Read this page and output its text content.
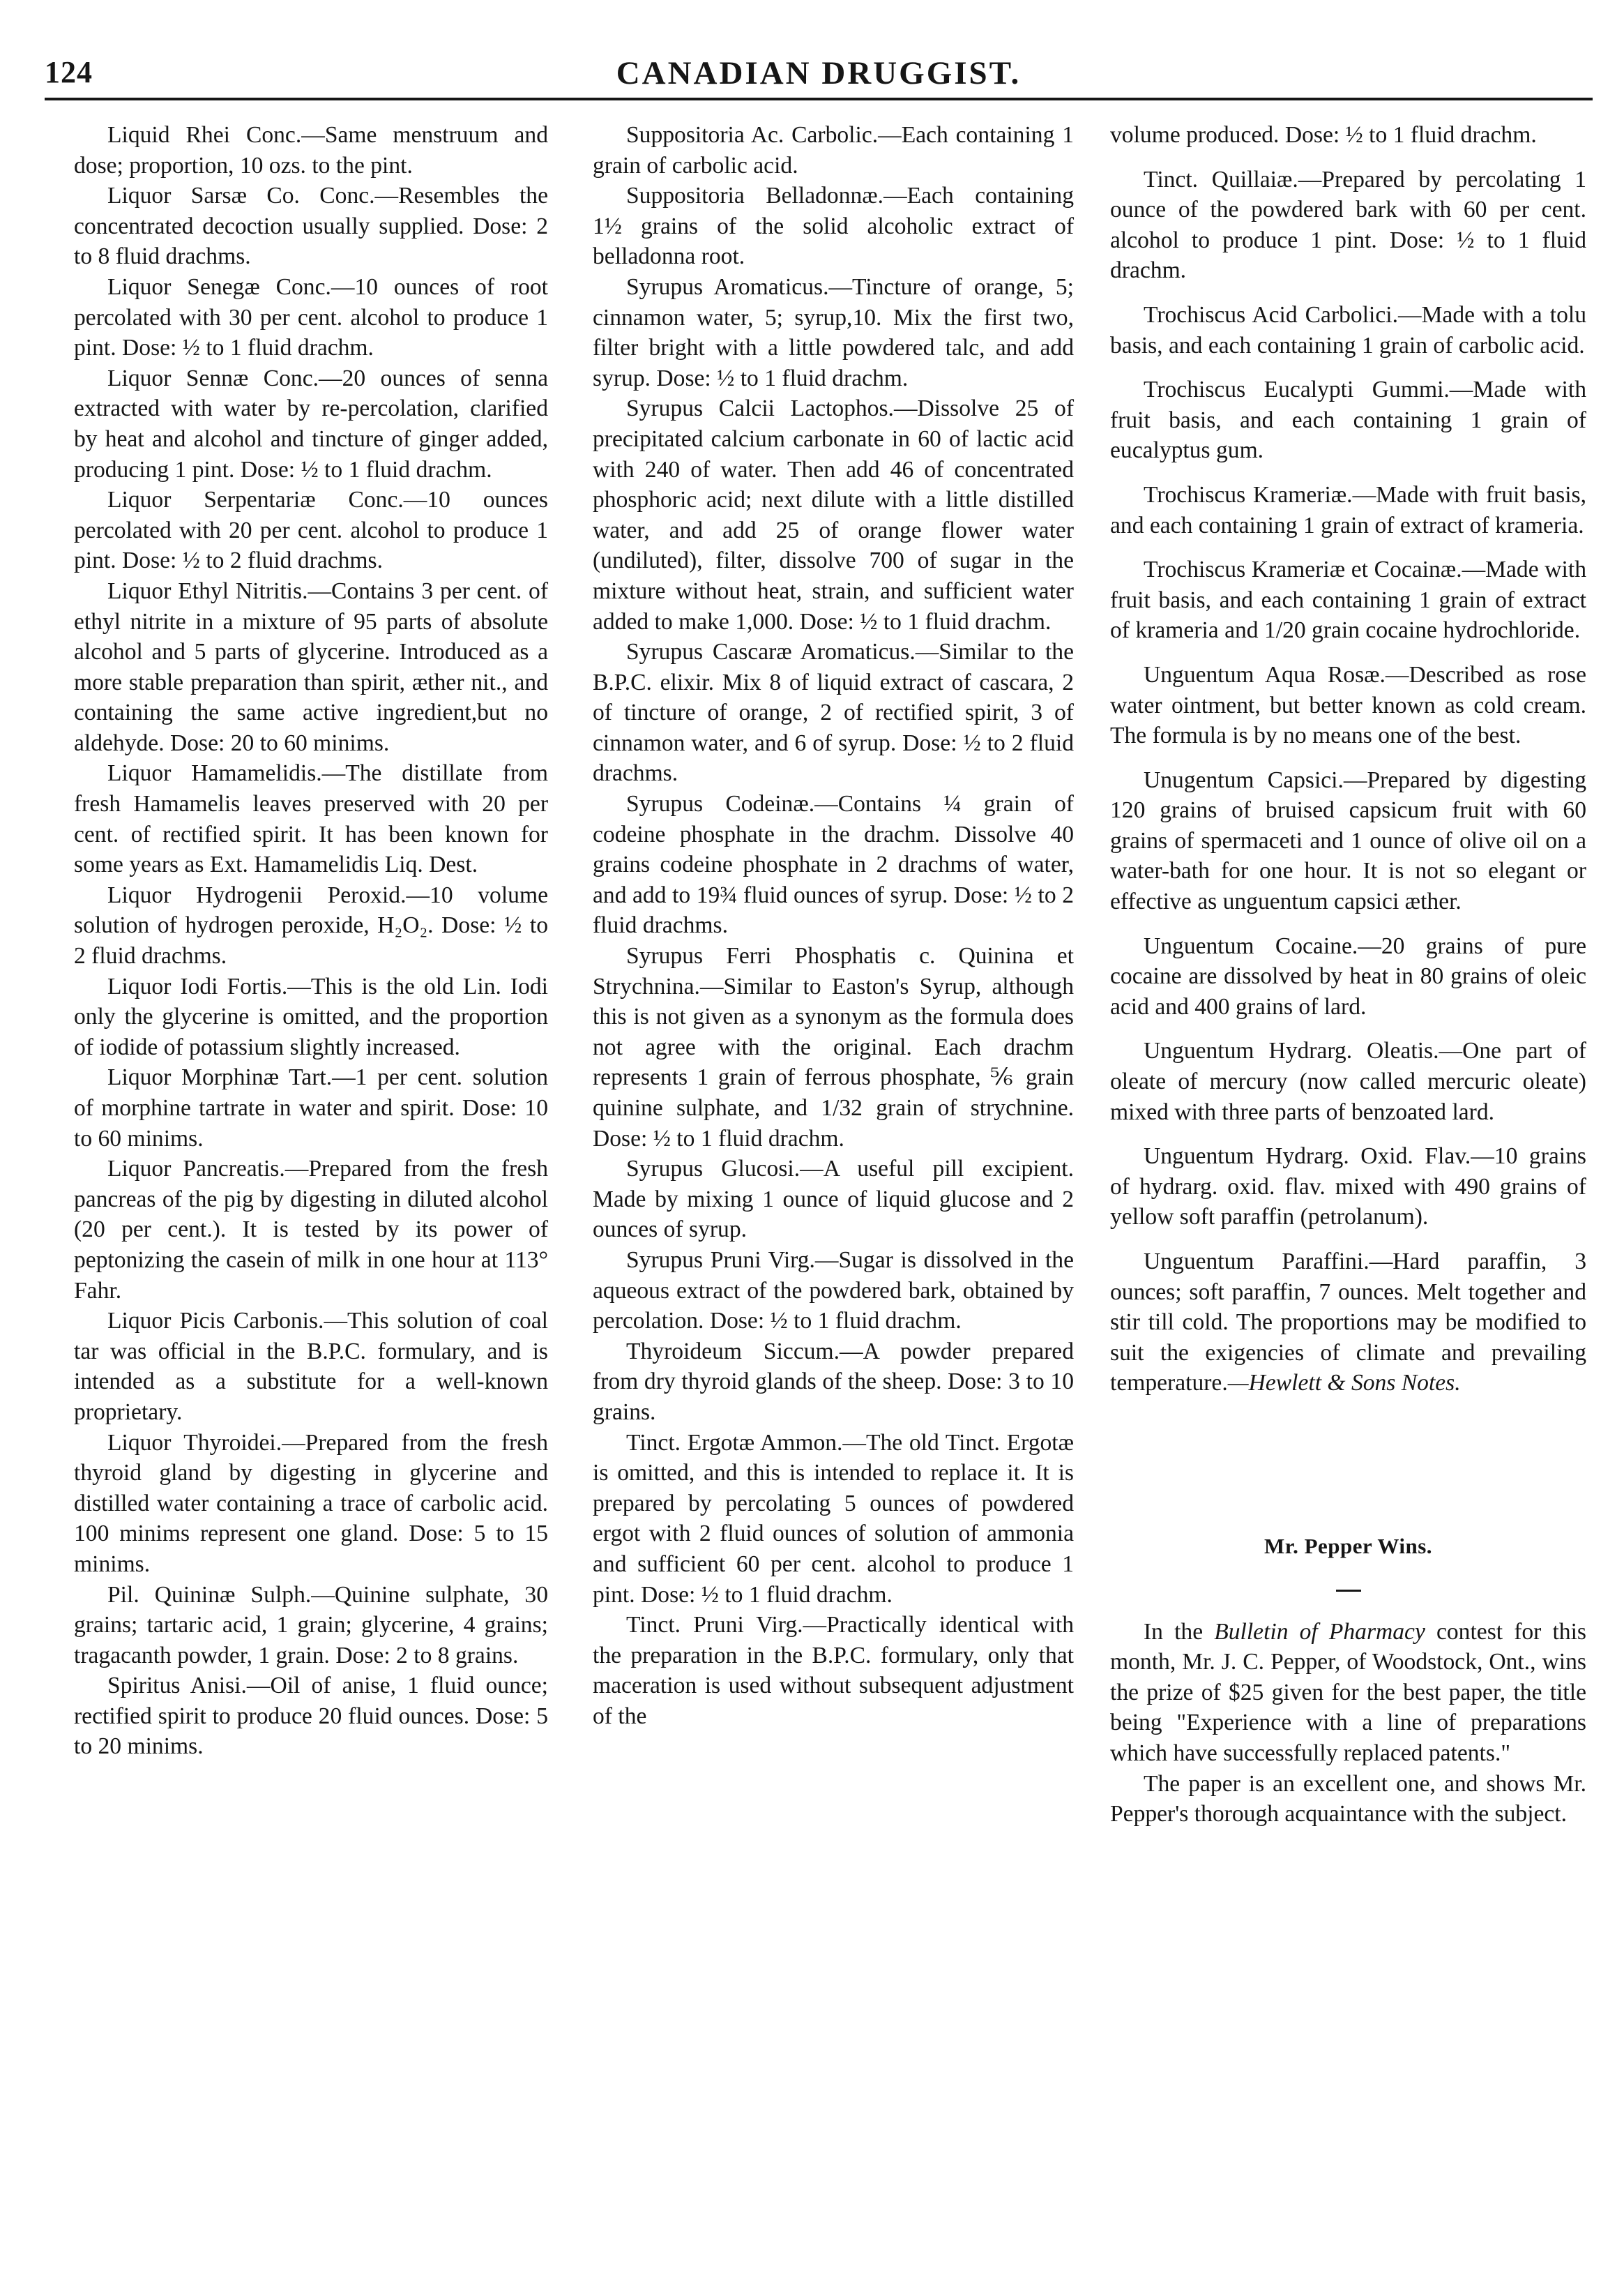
124	CANADIAN DRUGGIST.

Liquid Rhei Conc.—Same menstruum and dose; proportion, 10 ozs. to the pint.

Liquor Sarsæ Co. Conc.—Resembles the concentrated decoction usually supplied. Dose: 2 to 8 fluid drachms.

Liquor Senegæ Conc.—10 ounces of root percolated with 30 per cent. alcohol to produce 1 pint. Dose: ½ to 1 fluid drachm.

Liquor Sennæ Conc.—20 ounces of senna extracted with water by re-percolation, clarified by heat and alcohol and tincture of ginger added, producing 1 pint. Dose: ½ to 1 fluid drachm.

Liquor Serpentariæ Conc.—10 ounces percolated with 20 per cent. alcohol to produce 1 pint. Dose: ½ to 2 fluid drachms.

Liquor Ethyl Nitritis.—Contains 3 per cent. of ethyl nitrite in a mixture of 95 parts of absolute alcohol and 5 parts of glycerine. Introduced as a more stable preparation than spirit, æther nit., and containing the same active ingredient,but no aldehyde. Dose: 20 to 60 minims.

Liquor Hamamelidis.—The distillate from fresh Hamamelis leaves preserved with 20 per cent. of rectified spirit. It has been known for some years as Ext. Hamamelidis Liq. Dest.

Liquor Hydrogenii Peroxid.—10 volume solution of hydrogen peroxide, H₂O₂. Dose: ½ to 2 fluid drachms.

Liquor Iodi Fortis.—This is the old Lin. Iodi only the glycerine is omitted, and the proportion of iodide of potassium slightly increased.

Liquor Morphinæ Tart.—1 per cent. solution of morphine tartrate in water and spirit. Dose: 10 to 60 minims.

Liquor Pancreatis.—Prepared from the fresh pancreas of the pig by digesting in diluted alcohol (20 per cent.). It is tested by its power of peptonizing the casein of milk in one hour at 113° Fahr.

Liquor Picis Carbonis.—This solution of coal tar was official in the B.P.C. formulary, and is intended as a substitute for a well-known proprietary.

Liquor Thyroidei.—Prepared from the fresh thyroid gland by digesting in glycerine and distilled water containing a trace of carbolic acid. 100 minims represent one gland. Dose: 5 to 15 minims.

Pil. Quininæ Sulph.—Quinine sulphate, 30 grains; tartaric acid, 1 grain; glycerine, 4 grains; tragacanth powder, 1 grain. Dose: 2 to 8 grains.

Spiritus Anisi.—Oil of anise, 1 fluid ounce; rectified spirit to produce 20 fluid ounces. Dose: 5 to 20 minims.

Suppositoria Ac. Carbolic.—Each containing 1 grain of carbolic acid.

Suppositoria Belladonnæ.—Each containing 1½ grains of the solid alcoholic extract of belladonna root.

Syrupus Aromaticus.—Tincture of orange, 5; cinnamon water, 5; syrup,10. Mix the first two, filter bright with a little powdered talc, and add syrup. Dose: ½ to 1 fluid drachm.

Syrupus Calcii Lactophos.—Dissolve 25 of precipitated calcium carbonate in 60 of lactic acid with 240 of water. Then add 46 of concentrated phosphoric acid; next dilute with a little distilled water, and add 25 of orange flower water (undiluted), filter, dissolve 700 of sugar in the mixture without heat, strain, and sufficient water added to make 1,000. Dose: ½ to 1 fluid drachm.

Syrupus Cascaræ Aromaticus.—Similar to the B.P.C. elixir. Mix 8 of liquid extract of cascara, 2 of tincture of orange, 2 of rectified spirit, 3 of cinnamon water, and 6 of syrup. Dose: ½ to 2 fluid drachms.

Syrupus Codeinæ.—Contains ¼ grain of codeine phosphate in the drachm. Dissolve 40 grains codeine phosphate in 2 drachms of water, and add to 19¾ fluid ounces of syrup. Dose: ½ to 2 fluid drachms.

Syrupus Ferri Phosphatis c. Quinina et Strychnina.—Similar to Easton's Syrup, although this is not given as a synonym as the formula does not agree with the original. Each drachm represents 1 grain of ferrous phosphate, ⅚ grain quinine sulphate, and 1/32 grain of strychnine. Dose: ½ to 1 fluid drachm.

Syrupus Glucosi.—A useful pill excipient. Made by mixing 1 ounce of liquid glucose and 2 ounces of syrup.

Syrupus Pruni Virg.—Sugar is dissolved in the aqueous extract of the powdered bark, obtained by percolation. Dose: ½ to 1 fluid drachm.

Thyroideum Siccum.—A powder prepared from dry thyroid glands of the sheep. Dose: 3 to 10 grains.

Tinct. Ergotæ Ammon.—The old Tinct. Ergotæ is omitted, and this is intended to replace it. It is prepared by percolating 5 ounces of powdered ergot with 2 fluid ounces of solution of ammonia and sufficient 60 per cent. alcohol to produce 1 pint. Dose: ½ to 1 fluid drachm.

Tinct. Pruni Virg.—Practically identical with the preparation in the B.P.C. formulary, only that maceration is used without subsequent adjustment of the

volume produced. Dose: ½ to 1 fluid drachm.

Tinct. Quillaiæ.—Prepared by percolating 1 ounce of the powdered bark with 60 per cent. alcohol to produce 1 pint. Dose: ½ to 1 fluid drachm.

Trochiscus Acid Carbolici.—Made with a tolu basis, and each containing 1 grain of carbolic acid.

Trochiscus Eucalypti Gummi.—Made with fruit basis, and each containing 1 grain of eucalyptus gum.

Trochiscus Krameriæ.—Made with fruit basis, and each containing 1 grain of extract of krameria.

Trochiscus Krameriæ et Cocainæ.—Made with fruit basis, and each containing 1 grain of extract of krameria and 1/20 grain cocaine hydrochloride.

Unguentum Aqua Rosæ.—Described as rose water ointment, but better known as cold cream. The formula is by no means one of the best.

Unugentum Capsici.—Prepared by digesting 120 grains of bruised capsicum fruit with 60 grains of spermaceti and 1 ounce of olive oil on a water-bath for one hour. It is not so elegant or effective as unguentum capsici æther.

Unguentum Cocaine.—20 grains of pure cocaine are dissolved by heat in 80 grains of oleic acid and 400 grains of lard.

Unguentum Hydrarg. Oleatis.—One part of oleate of mercury (now called mercuric oleate) mixed with three parts of benzoated lard.

Unguentum Hydrarg. Oxid. Flav.—10 grains of hydrarg. oxid. flav. mixed with 490 grains of yellow soft paraffin (petrolanum).

Unguentum Paraffini.—Hard paraffin, 3 ounces; soft paraffin, 7 ounces. Melt together and stir till cold. The proportions may be modified to suit the exigencies of climate and prevailing temperature.—Hewlett & Sons Notes.

Mr. Pepper Wins.

In the Bulletin of Pharmacy contest for this month, Mr. J. C. Pepper, of Woodstock, Ont., wins the prize of $25 given for the best paper, the title being "Experience with a line of preparations which have successfully replaced patents."

The paper is an excellent one, and shows Mr. Pepper's thorough acquaintance with the subject.
